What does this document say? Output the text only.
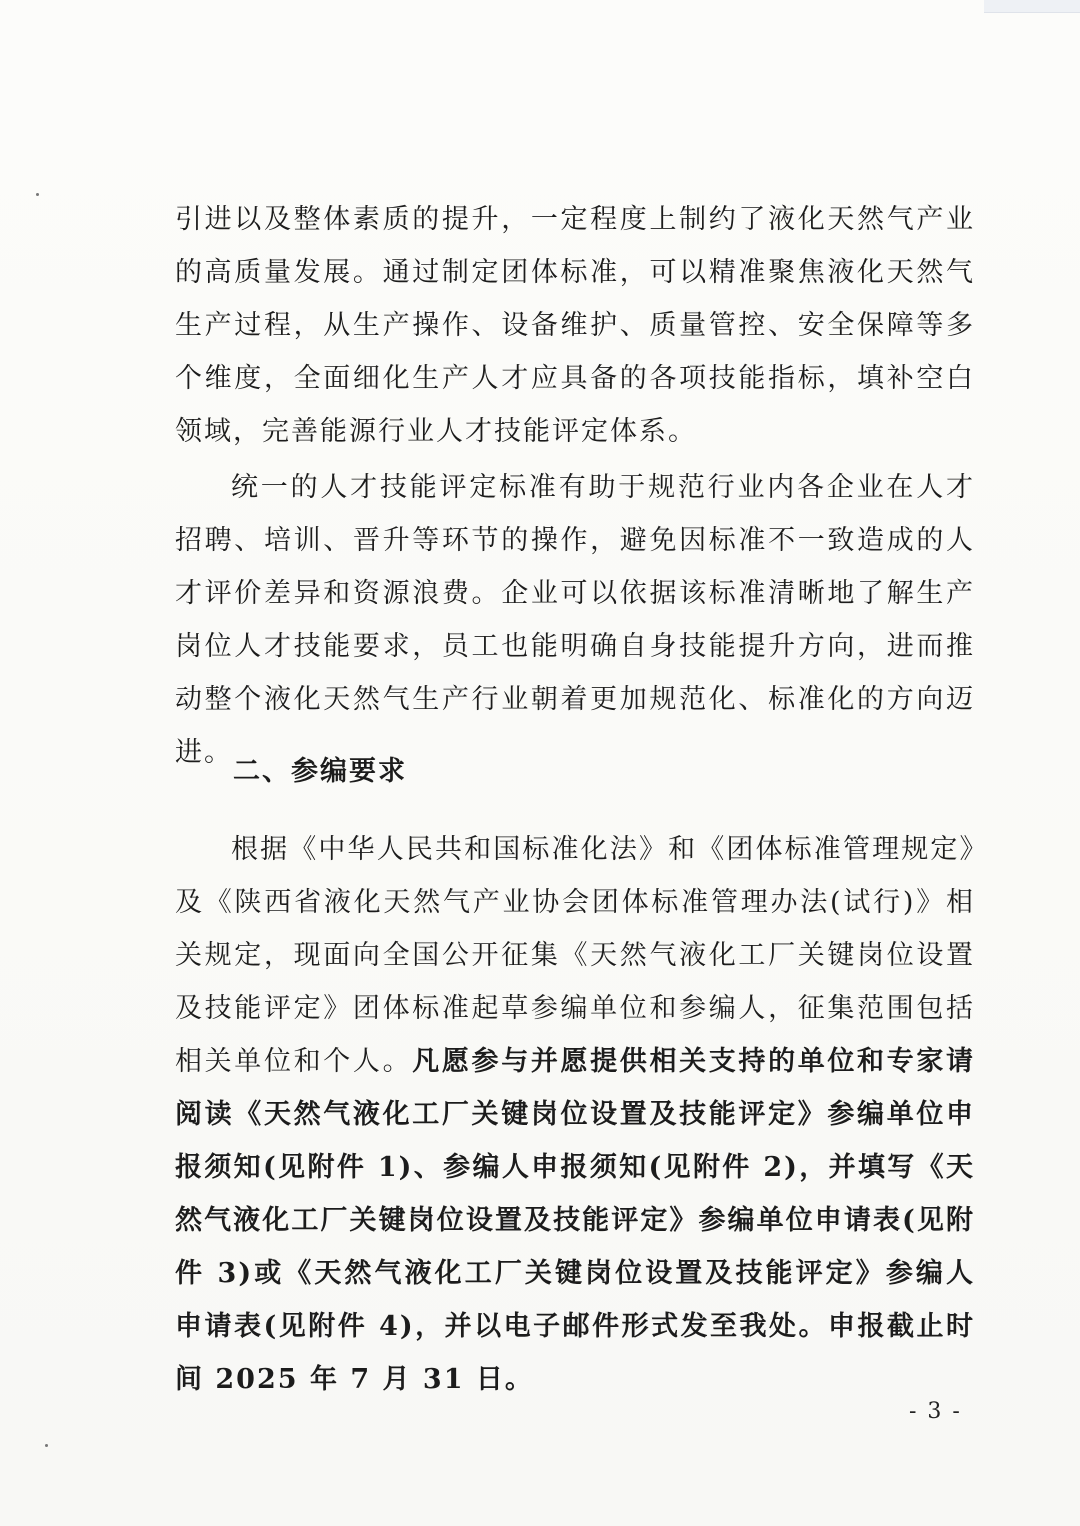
引进以及整体素质的提升，一定程度上制约了液化天然气产业的高质量发展。通过制定团体标准，可以精准聚焦液化天然气生产过程，从生产操作、设备维护、质量管控、安全保障等多个维度，全面细化生产人才应具备的各项技能指标，填补空白领域，完善能源行业人才技能评定体系。

统一的人才技能评定标准有助于规范行业内各企业在人才招聘、培训、晋升等环节的操作，避免因标准不一致造成的人才评价差异和资源浪费。企业可以依据该标准清晰地了解生产岗位人才技能要求，员工也能明确自身技能提升方向，进而推动整个液化天然气生产行业朝着更加规范化、标准化的方向迈进。

二、参编要求

根据《中华人民共和国标准化法》和《团体标准管理规定》及《陕西省液化天然气产业协会团体标准管理办法(试行)》相关规定，现面向全国公开征集《天然气液化工厂关键岗位设置及技能评定》团体标准起草参编单位和参编人，征集范围包括相关单位和个人。凡愿参与并愿提供相关支持的单位和专家请阅读《天然气液化工厂关键岗位设置及技能评定》参编单位申报须知(见附件 1)、参编人申报须知(见附件 2)，并填写《天然气液化工厂关键岗位设置及技能评定》参编单位申请表(见附件 3)或《天然气液化工厂关键岗位设置及技能评定》参编人申请表(见附件 4)，并以电子邮件形式发至我处。申报截止时间 2025 年 7 月 31 日。

- 3 -
